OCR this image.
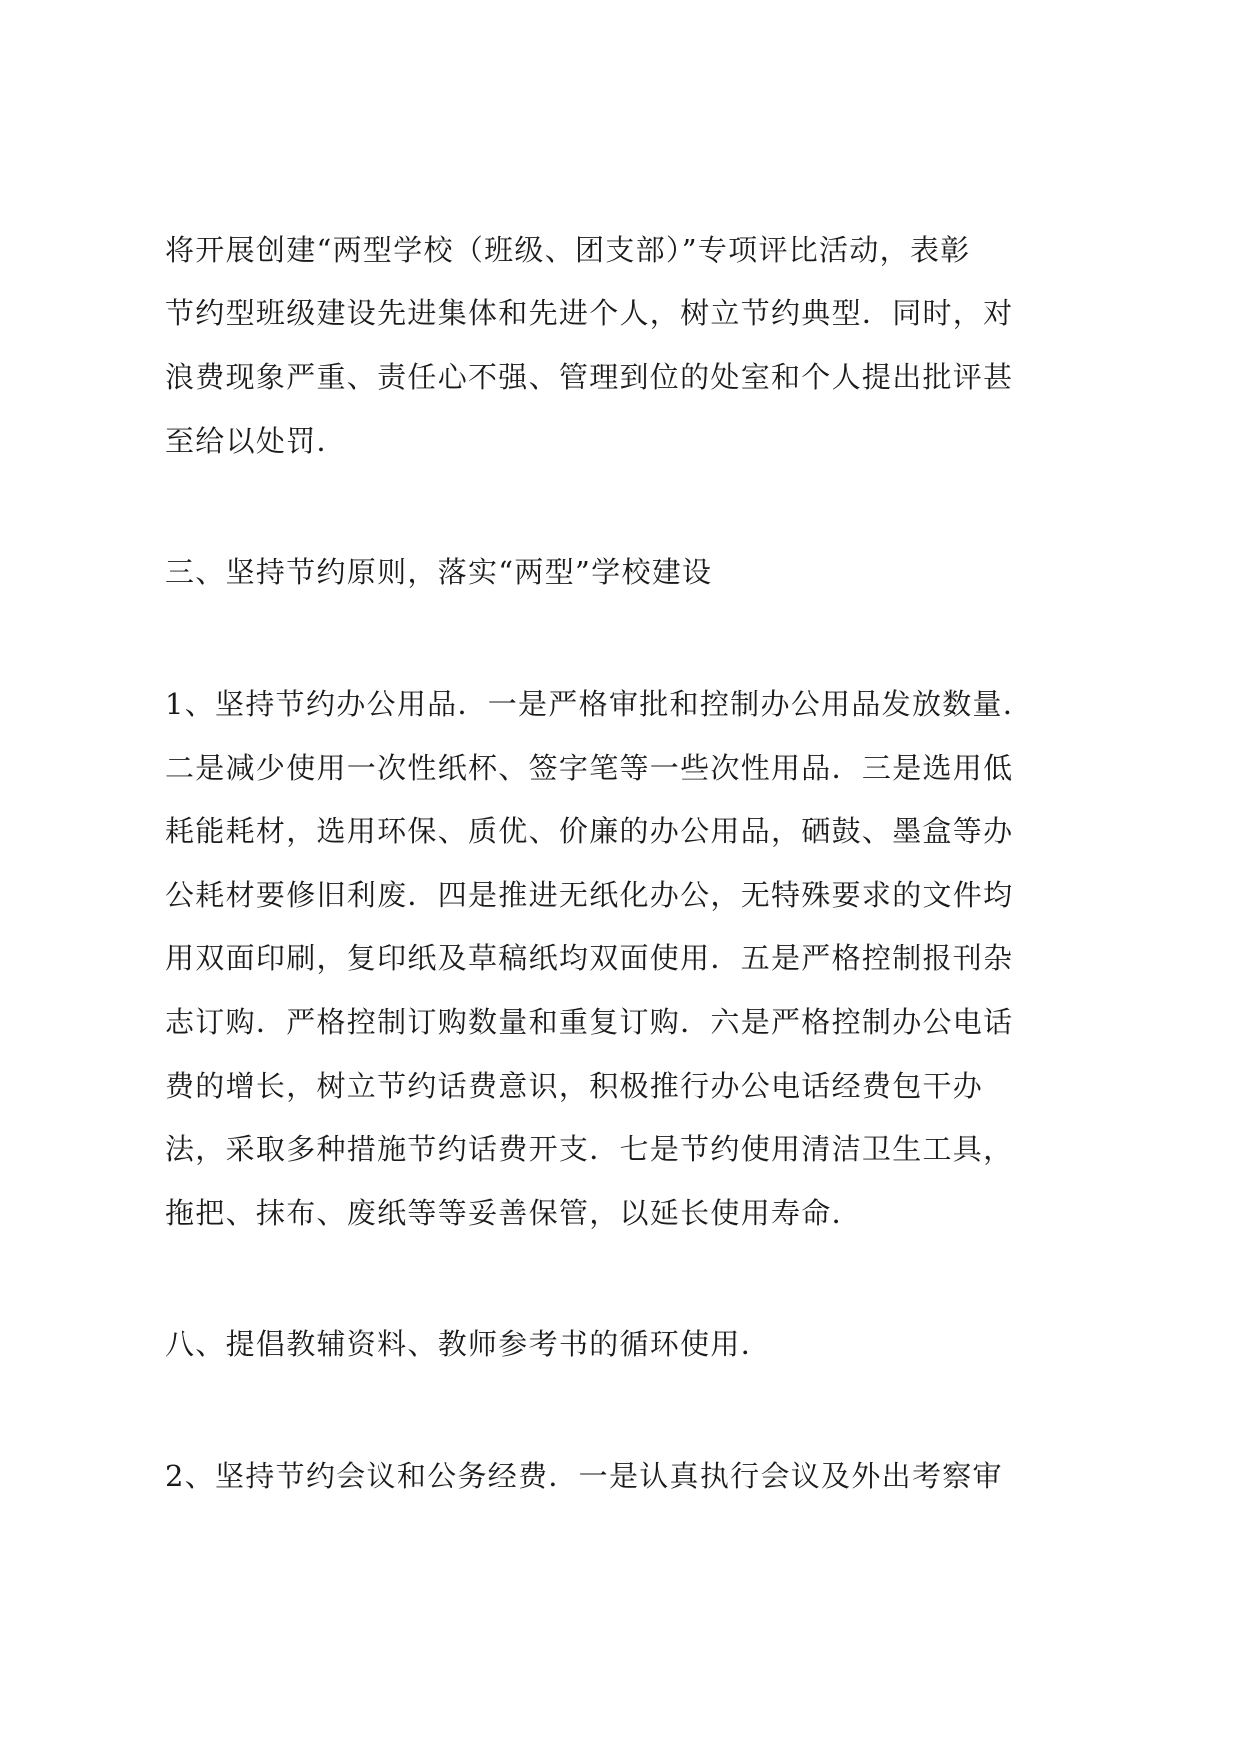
将开展创建“两型学校（班级、团支部）”专项评比活动，表彰
节约型班级建设先进集体和先进个人，树立节约典型．同时，对
浪费现象严重、责任心不强、管理到位的处室和个人提出批评甚
至给以处罚．
三、坚持节约原则，落实“两型”学校建设
1、坚持节约办公用品．一是严格审批和控制办公用品发放数量．
二是减少使用一次性纸杯、签字笔等一些次性用品．三是选用低
耗能耗材，选用环保、质优、价廉的办公用品，硒鼓、墨盒等办
公耗材要修旧利废．四是推进无纸化办公，无特殊要求的文件均
用双面印刷，复印纸及草稿纸均双面使用．五是严格控制报刊杂
志订购．严格控制订购数量和重复订购．六是严格控制办公电话
费的增长，树立节约话费意识，积极推行办公电话经费包干办
法，采取多种措施节约话费开支．七是节约使用清洁卫生工具，
拖把、抹布、废纸等等妥善保管，以延长使用寿命．
八、提倡教辅资料、教师参考书的循环使用．
2、坚持节约会议和公务经费．一是认真执行会议及外出考察审
